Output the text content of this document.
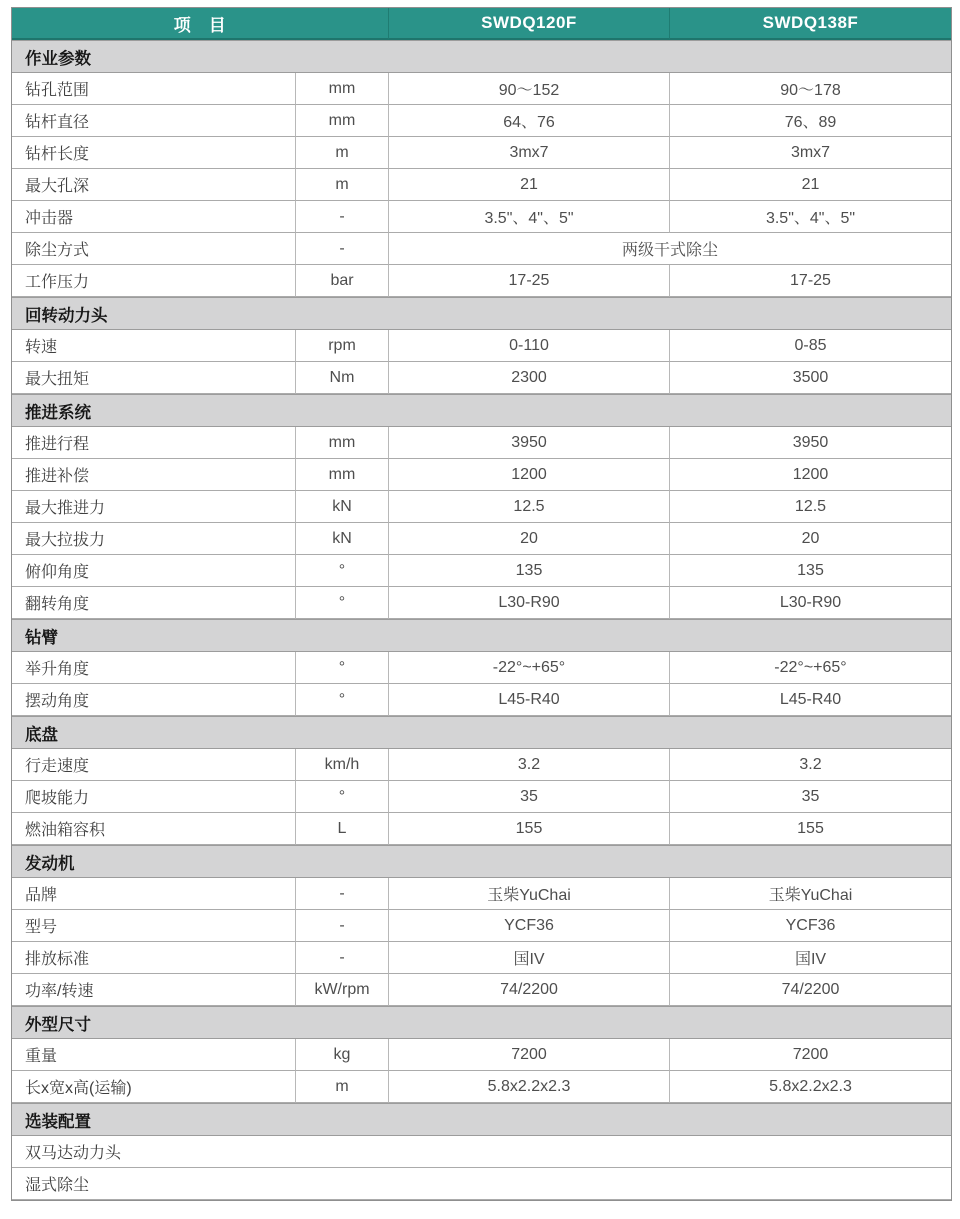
项　目		SWDQ120F	SWDQ138F
作业参数			
钻孔范围	mm	90～152	90～178
钻杆直径	mm	64、76	76、89
钻杆长度	m	3mx7	3mx7
最大孔深	m	21	21
冲击器	-	3.5"、4"、5"	3.5"、4"、5"
除尘方式	-	两级干式除尘	
工作压力	bar	17-25	17-25
回转动力头			
转速	rpm	0-110	0-85
最大扭矩	Nm	2300	3500
推进系统			
推进行程	mm	3950	3950
推进补偿	mm	1200	1200
最大推进力	kN	12.5	12.5
最大拉拔力	kN	20	20
俯仰角度	°	135	135
翻转角度	°	L30-R90	L30-R90
钻臂			
举升角度	°	-22°~+65°	-22°~+65°
摆动角度	°	L45-R40	L45-R40
底盘			
行走速度	km/h	3.2	3.2
爬坡能力	°	35	35
燃油箱容积	L	155	155
发动机			
品牌	-	玉柴YuChai	玉柴YuChai
型号	-	YCF36	YCF36
排放标准	-	国IV	国IV
功率/转速	kW/rpm	74/2200	74/2200
外型尺寸			
重量	kg	7200	7200
长x宽x高(运输)	m	5.8x2.2x2.3	5.8x2.2x2.3
选装配置			
双马达动力头			
湿式除尘			
